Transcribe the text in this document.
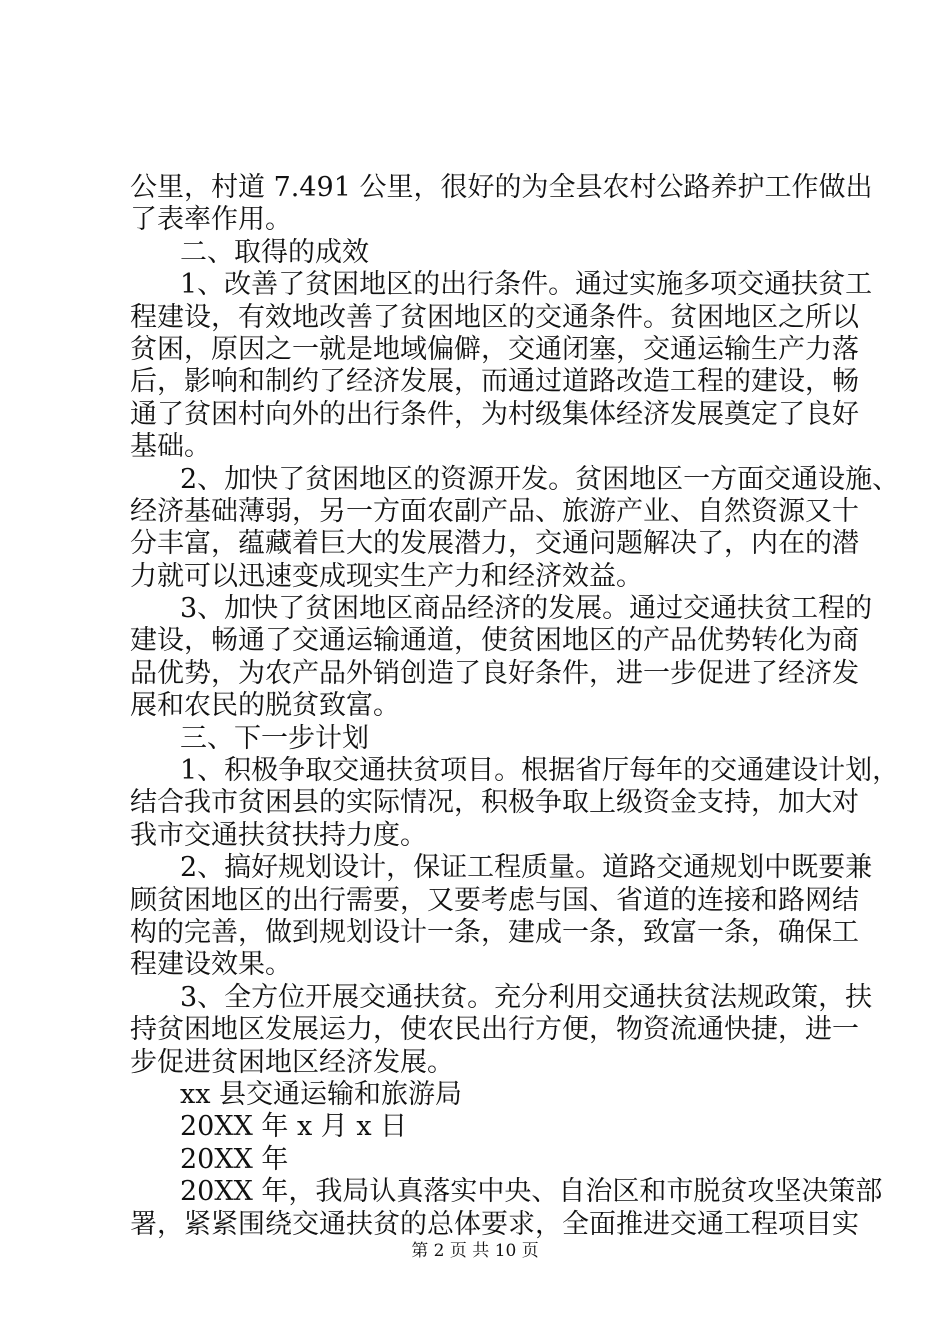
公里，村道 7.491 公里，很好的为全县农村公路养护工作做出
了表率作用。
二、取得的成效
1、改善了贫困地区的出行条件。通过实施多项交通扶贫工
程建设，有效地改善了贫困地区的交通条件。贫困地区之所以
贫困，原因之一就是地域偏僻，交通闭塞，交通运输生产力落
后，影响和制约了经济发展，而通过道路改造工程的建设，畅
通了贫困村向外的出行条件，为村级集体经济发展奠定了良好
基础。
2、加快了贫困地区的资源开发。贫困地区一方面交通设施、
经济基础薄弱，另一方面农副产品、旅游产业、自然资源又十
分丰富，蕴藏着巨大的发展潜力，交通问题解决了，内在的潜
力就可以迅速变成现实生产力和经济效益。
3、加快了贫困地区商品经济的发展。通过交通扶贫工程的
建设，畅通了交通运输通道，使贫困地区的产品优势转化为商
品优势，为农产品外销创造了良好条件，进一步促进了经济发
展和农民的脱贫致富。
三、下一步计划
1、积极争取交通扶贫项目。根据省厅每年的交通建设计划，
结合我市贫困县的实际情况，积极争取上级资金支持，加大对
我市交通扶贫扶持力度。
2、搞好规划设计，保证工程质量。道路交通规划中既要兼
顾贫困地区的出行需要，又要考虑与国、省道的连接和路网结
构的完善，做到规划设计一条，建成一条，致富一条，确保工
程建设效果。
3、全方位开展交通扶贫。充分利用交通扶贫法规政策，扶
持贫困地区发展运力，使农民出行方便，物资流通快捷，进一
步促进贫困地区经济发展。
xx 县交通运输和旅游局
20XX 年 x 月 x 日
20XX 年
20XX 年，我局认真落实中央、自治区和市脱贫攻坚决策部
署，紧紧围绕交通扶贫的总体要求，全面推进交通工程项目实
第 2 页 共 10 页
